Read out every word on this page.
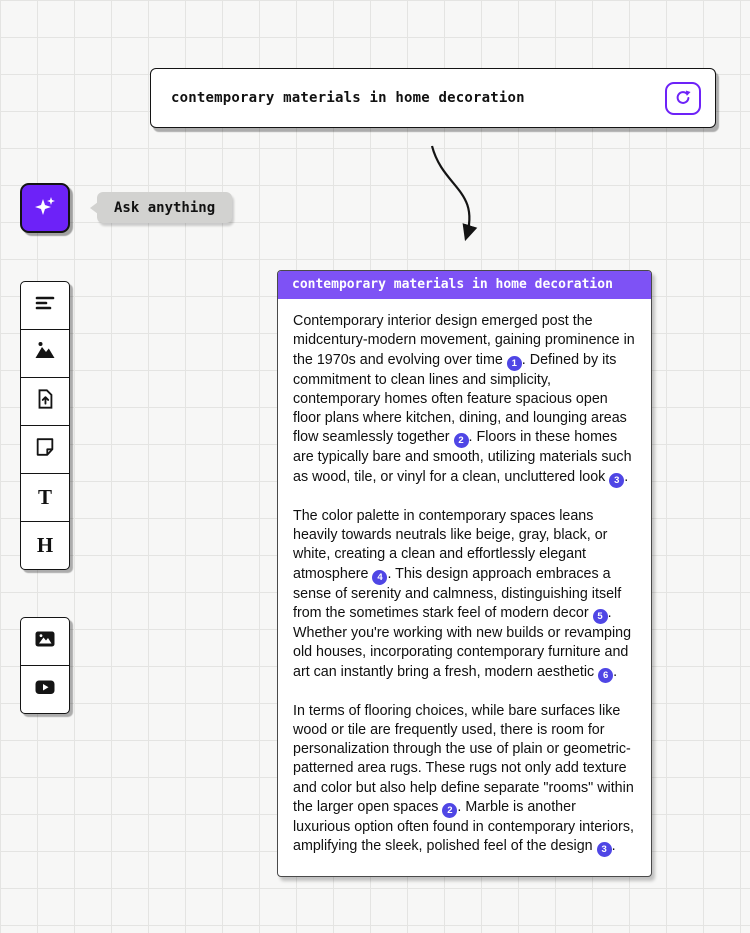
contemporary materials in home decoration
Ask anything
T
H
contemporary materials in home decoration

Contemporary interior design emerged post the midcentury-modern movement, gaining prominence in the 1970s and evolving over time 1 . Defined by its commitment to clean lines and simplicity, contemporary homes often feature spacious open floor plans where kitchen, dining, and lounging areas flow seamlessly together 2 . Floors in these homes are typically bare and smooth, utilizing materials such as wood, tile, or vinyl for a clean, uncluttered look 3 .

The color palette in contemporary spaces leans heavily towards neutrals like beige, gray, black, or white, creating a clean and effortlessly elegant atmosphere 4 . This design approach embraces a sense of serenity and calmness, distinguishing itself from the sometimes stark feel of modern decor 5 . Whether you're working with new builds or revamping old houses, incorporating contemporary furniture and art can instantly bring a fresh, modern aesthetic 6 .

In terms of flooring choices, while bare surfaces like wood or tile are frequently used, there is room for personalization through the use of plain or geometric-patterned area rugs. These rugs not only add texture and color but also help define separate "rooms" within the larger open spaces 2 . Marble is another luxurious option often found in contemporary interiors, amplifying the sleek, polished feel of the design 3 .
